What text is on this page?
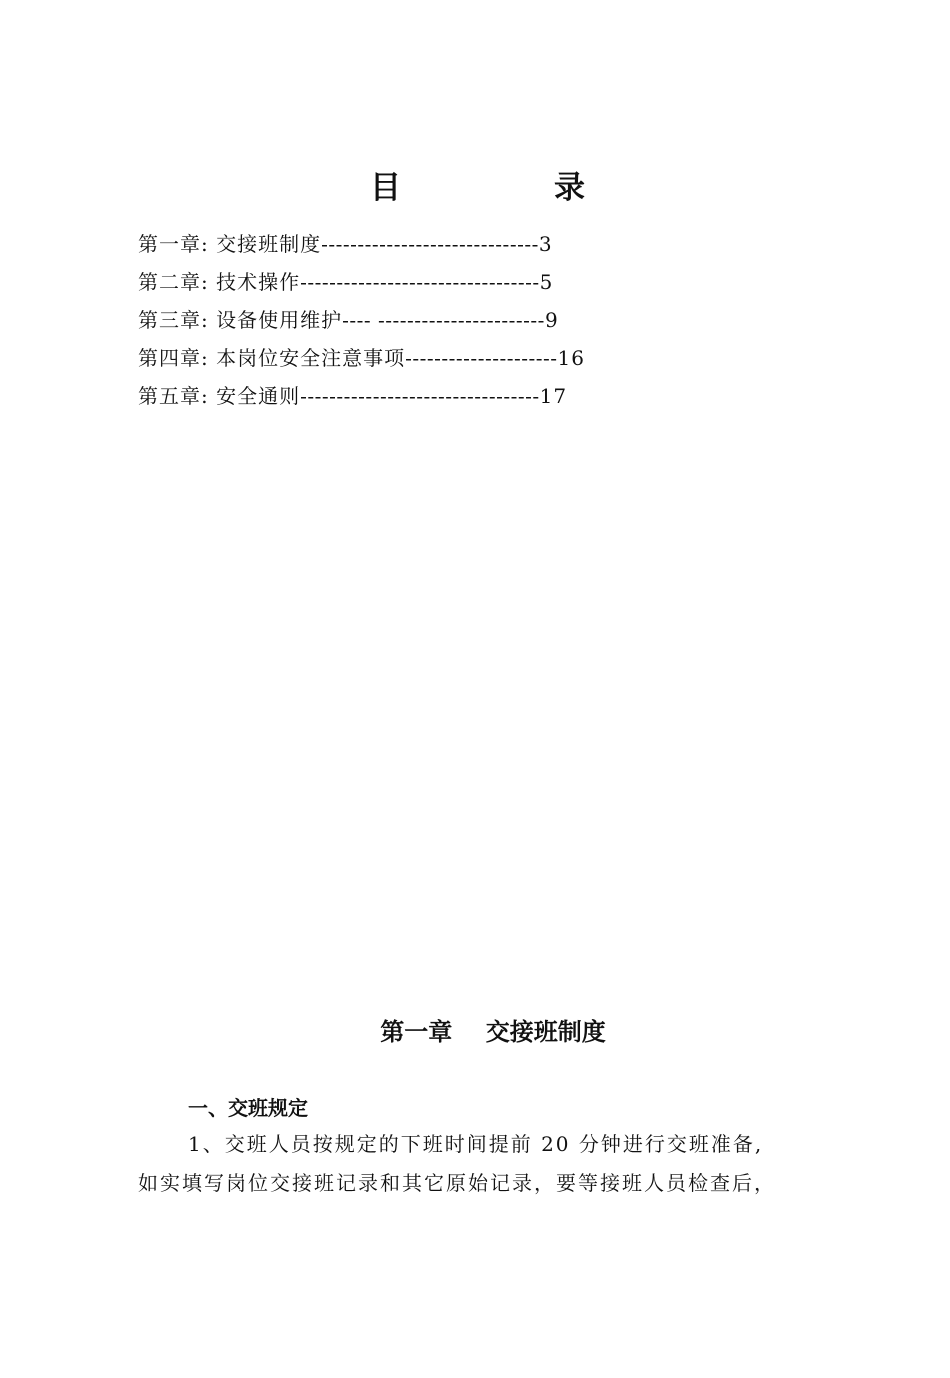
目	录
第一章: 交接班制度------------------------------3
第二章: 技术操作---------------------------------5
第三章: 设备使用维护---- -----------------------9
第四章: 本岗位安全注意事项---------------------16
第五章: 安全通则---------------------------------17
第一章    交接班制度
一、交班规定
1、交班人员按规定的下班时间提前 20 分钟进行交班准备,
如实填写岗位交接班记录和其它原始记录，要等接班人员检查后，
